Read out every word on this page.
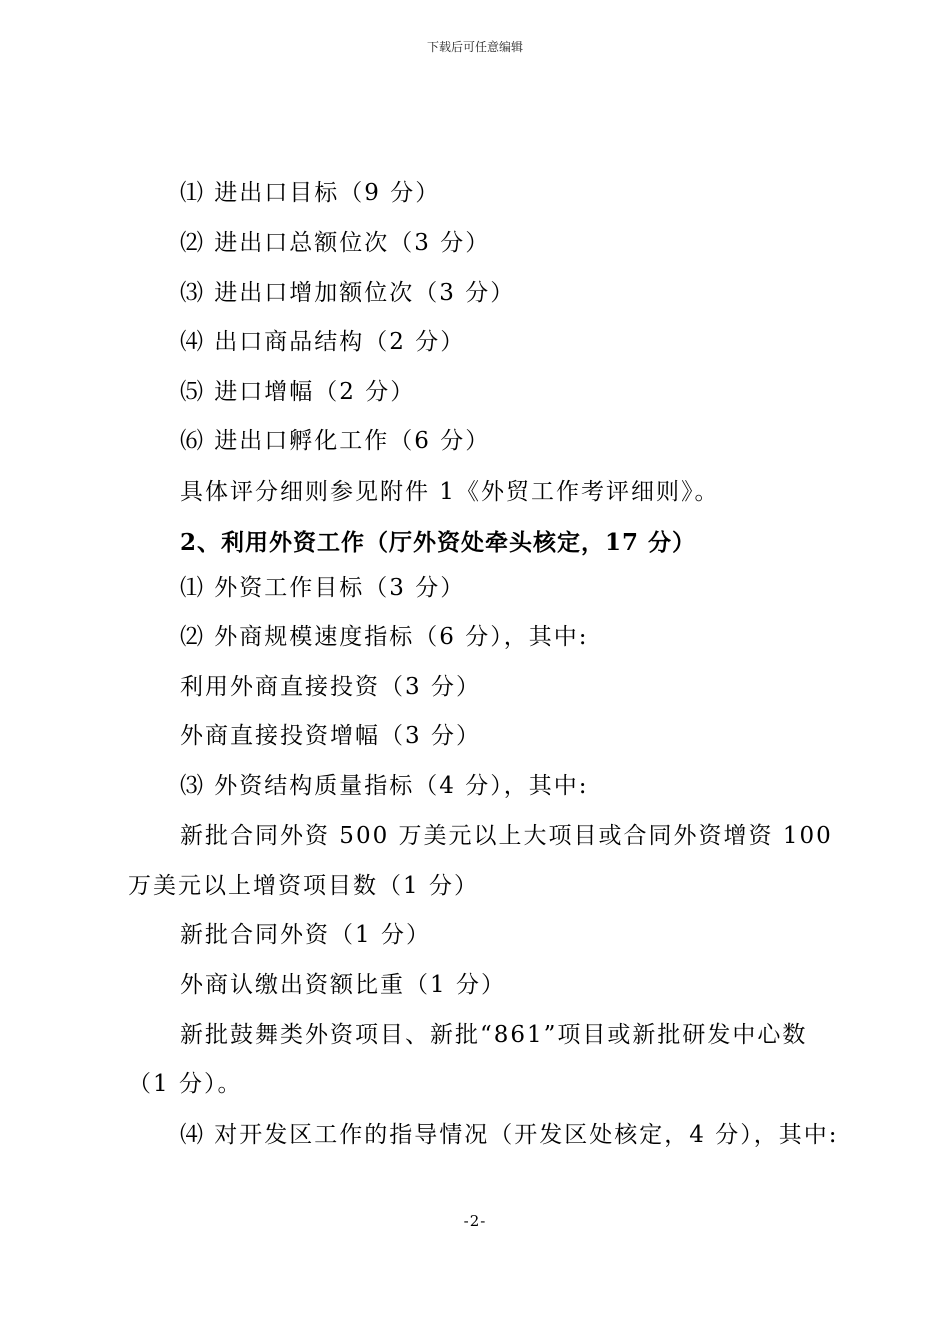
下载后可任意编辑
⑴ 进出口目标（9 分）
⑵ 进出口总额位次（3 分）
⑶ 进出口增加额位次（3 分）
⑷ 出口商品结构（2 分）
⑸ 进口增幅（2 分）
⑹ 进出口孵化工作（6 分）
具体评分细则参见附件 1《外贸工作考评细则》。
2、利用外资工作（厅外资处牵头核定，17 分）
⑴ 外资工作目标（3 分）
⑵ 外商规模速度指标（6 分），其中:
利用外商直接投资（3 分）
外商直接投资增幅（3 分）
⑶ 外资结构质量指标（4 分），其中:
新批合同外资 500 万美元以上大项目或合同外资增资 100
万美元以上增资项目数（1 分）
新批合同外资（1 分）
外商认缴出资额比重（1 分）
新批鼓舞类外资项目、新批“861”项目或新批研发中心数
（1 分）。
⑷ 对开发区工作的指导情况（开发区处核定，4 分），其中:
-2-
